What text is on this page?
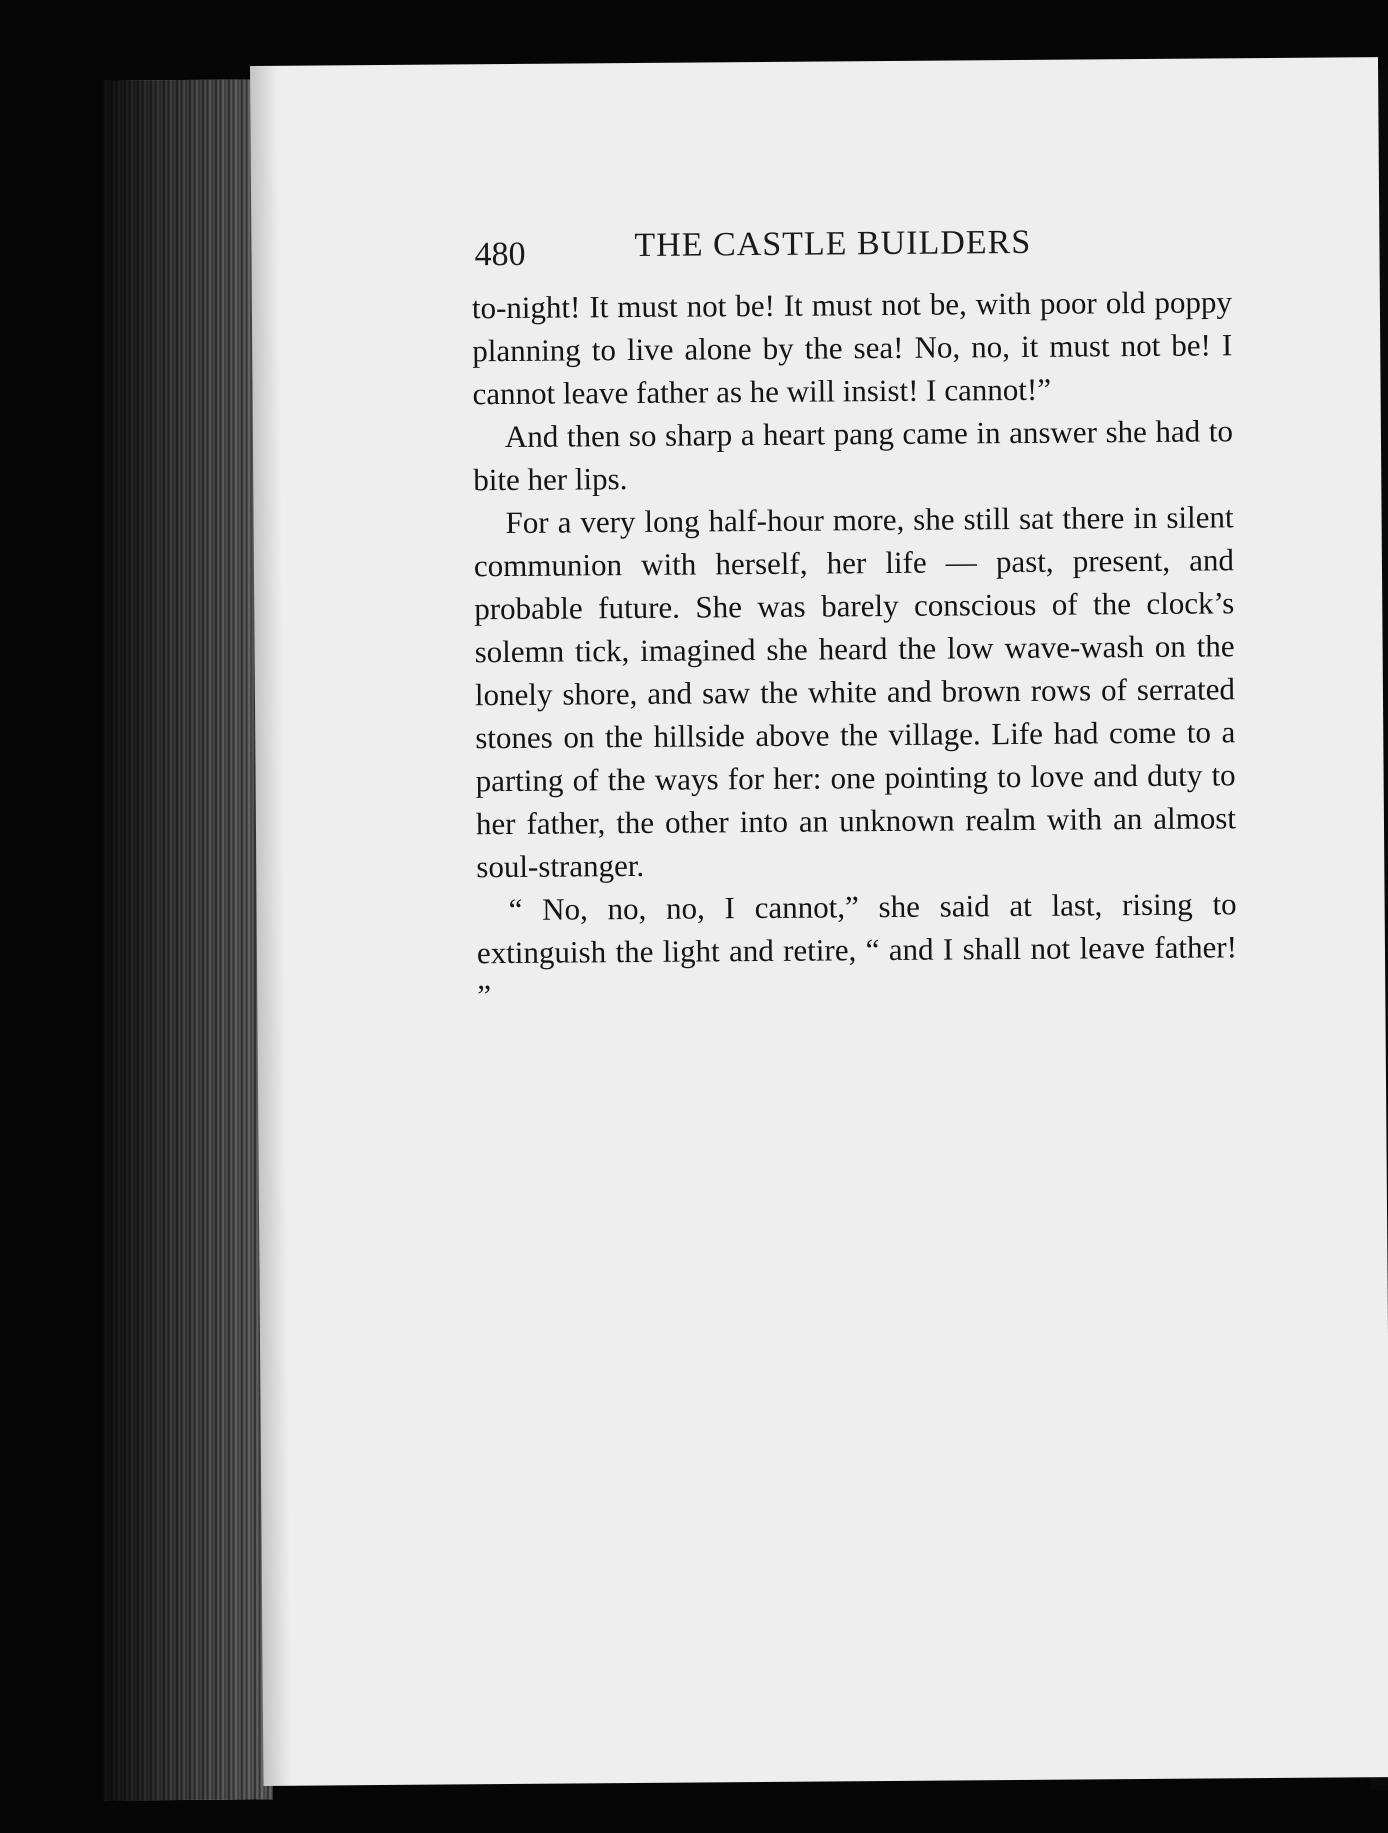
480	THE CASTLE BUILDERS

to-night! It must not be! It must not be, with poor old poppy planning to live alone by the sea! No, no, it must not be! I cannot leave father as he will insist! I cannot!”

And then so sharp a heart pang came in answer she had to bite her lips.

For a very long half-hour more, she still sat there in silent communion with herself, her life — past, present, and probable future. She was barely conscious of the clock’s solemn tick, imagined she heard the low wave-wash on the lonely shore, and saw the white and brown rows of serrated stones on the hillside above the village. Life had come to a parting of the ways for her: one pointing to love and duty to her father, the other into an unknown realm with an almost soul-stranger.

“ No, no, no, I cannot,” she said at last, rising to extinguish the light and retire, “ and I shall not leave father! ”
